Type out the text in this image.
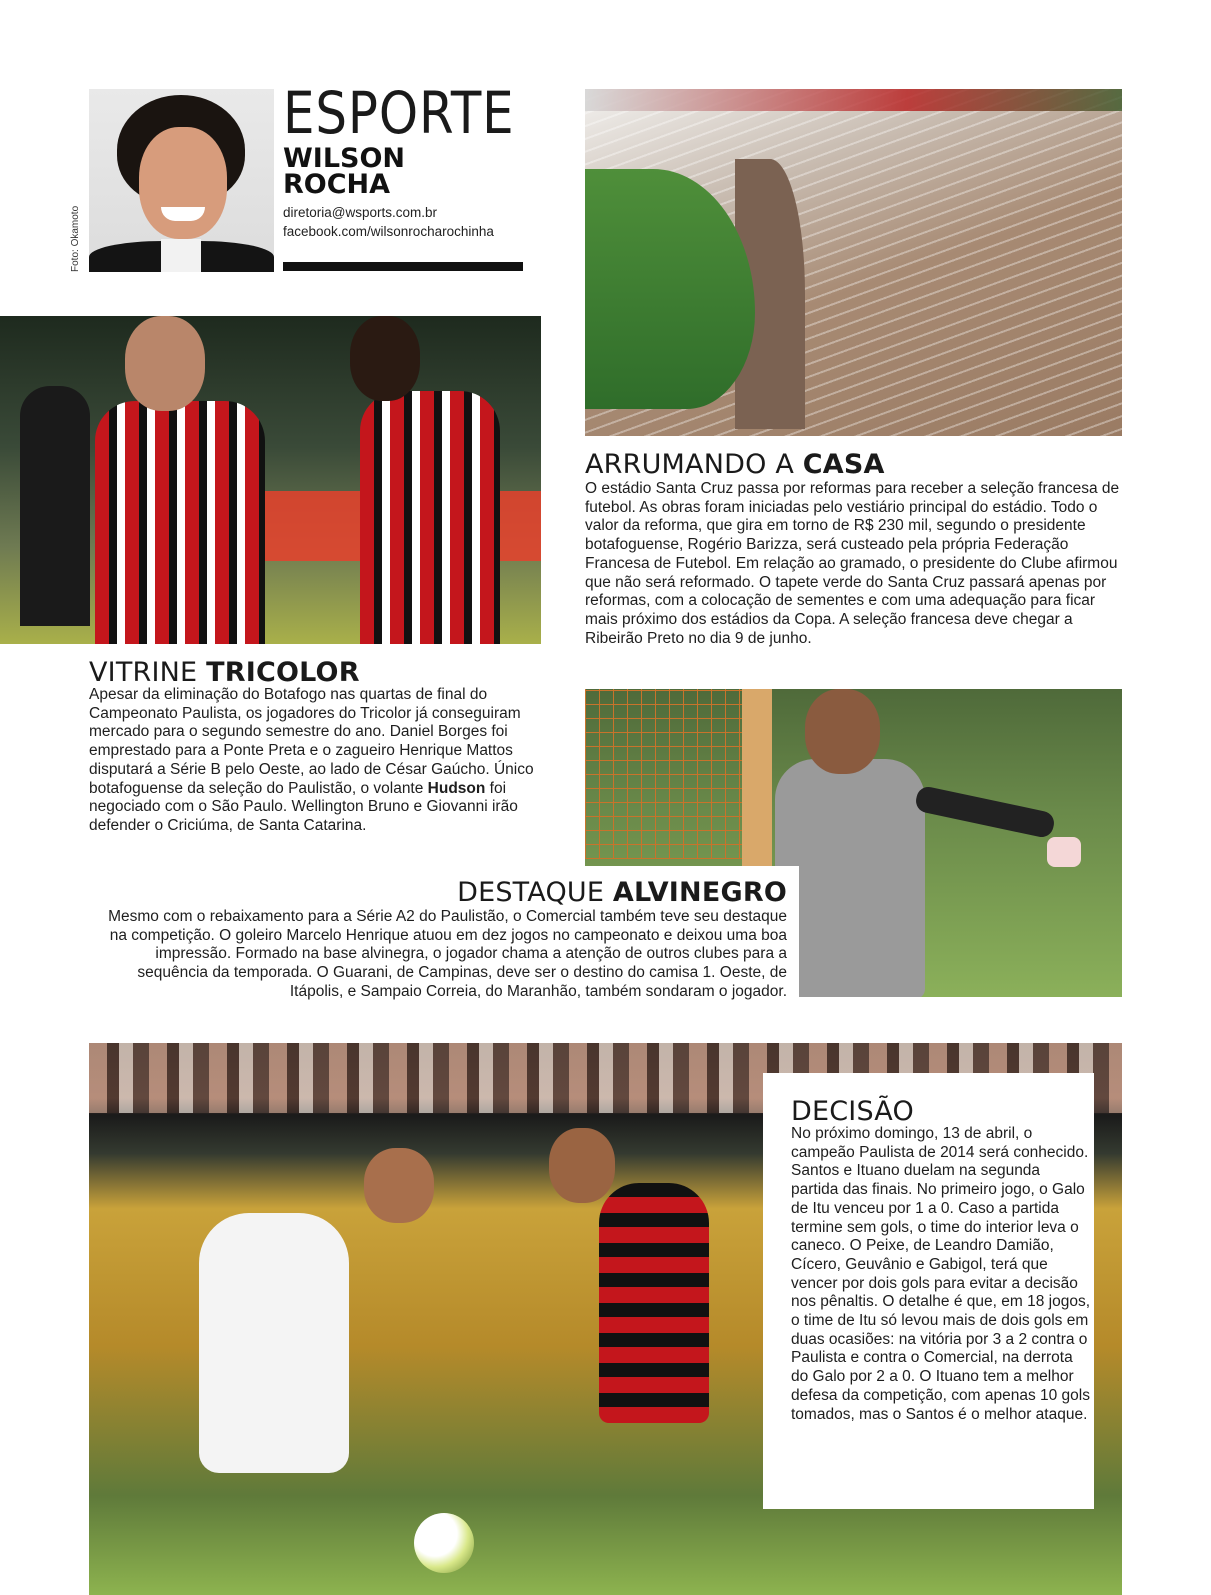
Foto: Okamoto
ESPORTE
WILSON
ROCHA
diretoria@wsports.com.br
facebook.com/wilsonrocharochinha
ARRUMANDO A CASA

O estádio Santa Cruz passa por reformas para receber a seleção francesa de futebol. As obras foram iniciadas pelo vestiário principal do estádio. Todo o valor da reforma, que gira em torno de R$ 230 mil, segundo o presidente botafoguense, Rogério Barizza, será custeado pela própria Federação Francesa de Futebol. Em relação ao gramado, o presidente do Clube afirmou que não será reformado. O tapete verde do Santa Cruz passará apenas por reformas, com a colocação de sementes e com uma adequação para ficar mais próximo dos estádios da Copa. A seleção francesa deve chegar a Ribeirão Preto no dia 9 de junho.

VITRINE TRICOLOR

Apesar da eliminação do Botafogo nas quartas de final do Campeonato Paulista, os jogadores do Tricolor já conseguiram mercado para o segundo semestre do ano. Daniel Borges foi emprestado para a Ponte Preta e o zagueiro Henrique Mattos disputará a Série B pelo Oeste, ao lado de César Gaúcho. Único botafoguense da seleção do Paulistão, o volante Hudson foi negociado com o São Paulo. Wellington Bruno e Giovanni irão defender o Criciúma, de Santa Catarina.

DESTAQUE ALVINEGRO

Mesmo com o rebaixamento para a Série A2 do Paulistão, o Comercial também teve seu destaque na competição. O goleiro Marcelo Henrique atuou em dez jogos no campeonato e deixou uma boa impressão. Formado na base alvinegra, o jogador chama a atenção de outros clubes para a sequência da temporada. O Guarani, de Campinas, deve ser o destino do camisa 1. Oeste, de Itápolis, e Sampaio Correia, do Maranhão, também sondaram o jogador.

DECISÃO

No próximo domingo, 13 de abril, o campeão Paulista de 2014 será conhecido. Santos e Ituano duelam na segunda partida das finais. No primeiro jogo, o Galo de Itu venceu por 1 a 0. Caso a partida termine sem gols, o time do interior leva o caneco. O Peixe, de Leandro Damião, Cícero, Geuvânio e Gabigol, terá que vencer por dois gols para evitar a decisão nos pênaltis. O detalhe é que, em 18 jogos, o time de Itu só levou mais de dois gols em duas ocasiões: na vitória por 3 a 2 contra o Paulista e contra o Comercial, na derrota do Galo por 2 a 0. O Ituano tem a melhor defesa da competição, com apenas 10 gols tomados, mas o Santos é o melhor ataque.
